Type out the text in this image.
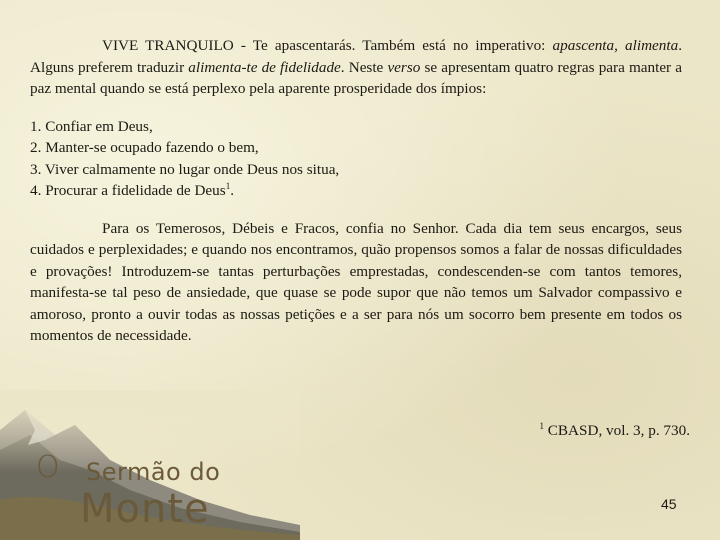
VIVE TRANQUILO - Te apascentarás. Também está no imperativo: apascenta, alimenta. Alguns preferem traduzir alimenta-te de fidelidade. Neste verso se apresentam quatro regras para manter a paz mental quando se está perplexo pela aparente prosperidade dos ímpios:

1. Confiar em Deus,
2. Manter-se ocupado fazendo o bem,
3. Viver calmamente no lugar onde Deus nos situa,
4. Procurar a fidelidade de Deus$^1$.

Para os Temerosos, Débeis e Fracos, confia no Senhor. Cada dia tem seus encargos, seus cuidados e perplexidades; e quando nos encontramos, quão propensos somos a falar de nossas dificuldades e provações! Introduzem-se tantas perturbações emprestadas, condescenden-se com tantos temores, manifesta-se tal peso de ansiedade, que quase se pode supor que não temos um Salvador compassivo e amoroso, pronto a ouvir todas as nossas petições e a ser para nós um socorro bem presente em todos os momentos de necessidade.

$^1$ CBASD, vol. 3, p. 730.
O Sermão do
Monte	45
